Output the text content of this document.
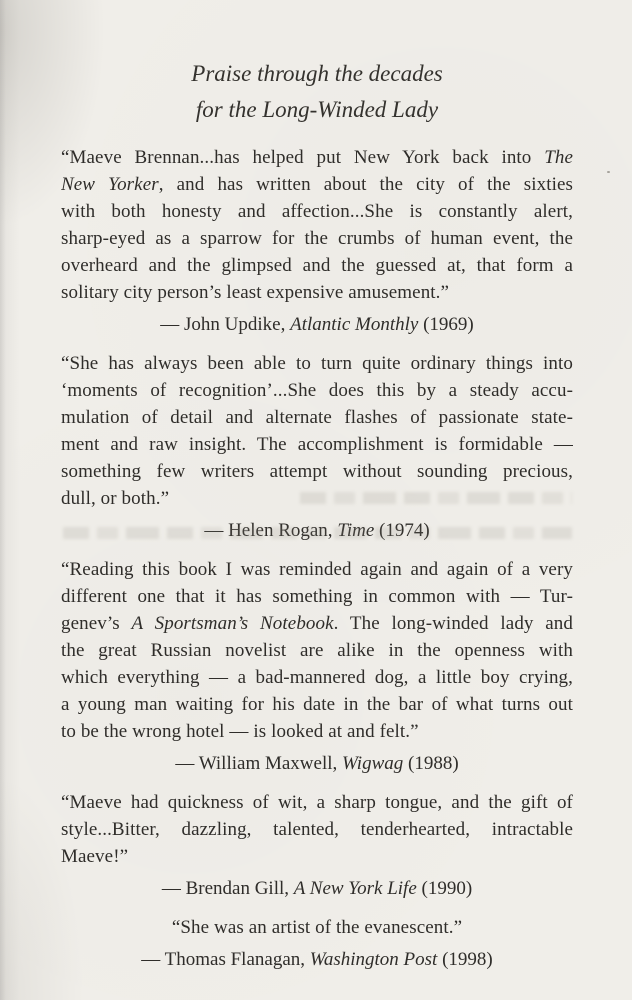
Praise through the decades
for the Long-Winded Lady
“Maeve Brennan...has helped put New York back into The
New Yorker, and has written about the city of the sixties
with both honesty and affection...She is constantly alert,
sharp-eyed as a sparrow for the crumbs of human event, the
overheard and the glimpsed and the guessed at, that form a
solitary city person’s least expensive amusement.”
— John Updike, Atlantic Monthly (1969)
“She has always been able to turn quite ordinary things into
‘moments of recognition’...She does this by a steady accu-
mulation of detail and alternate flashes of passionate state-
ment and raw insight. The accomplishment is formidable —
something few writers attempt without sounding precious,
dull, or both.”
— Helen Rogan, Time (1974)
“Reading this book I was reminded again and again of a very
different one that it has something in common with — Tur-
genev’s A Sportsman’s Notebook. The long-winded lady and
the great Russian novelist are alike in the openness with
which everything — a bad-mannered dog, a little boy crying,
a young man waiting for his date in the bar of what turns out
to be the wrong hotel — is looked at and felt.”
— William Maxwell, Wigwag (1988)
“Maeve had quickness of wit, a sharp tongue, and the gift of
style...Bitter, dazzling, talented, tenderhearted, intractable
Maeve!”
— Brendan Gill, A New York Life (1990)
“She was an artist of the evanescent.”
— Thomas Flanagan, Washington Post (1998)
